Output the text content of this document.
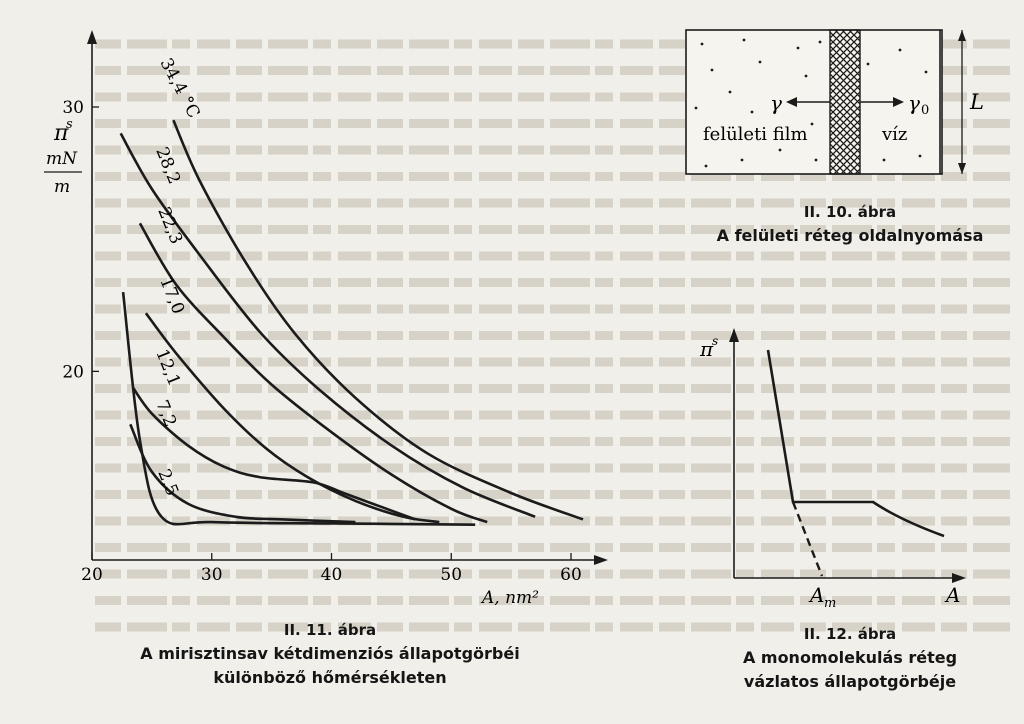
20	30	40	50	60
20
30
π
s
mN
m
A, nm²
34,4 °C
28,2
22,3
17,0
12,1
7,2
2,5
II. 11. ábra
A mirisztinsav kétdimenziós állapotgörbéi
különböző hőmérsékleten
γ	γ 0
felületi film	víz
L
II. 10. ábra
A felületi réteg oldalnyomása
π
s
A m	A
II. 12. ábra
A monomolekulás réteg
vázlatos állapotgörbéje
